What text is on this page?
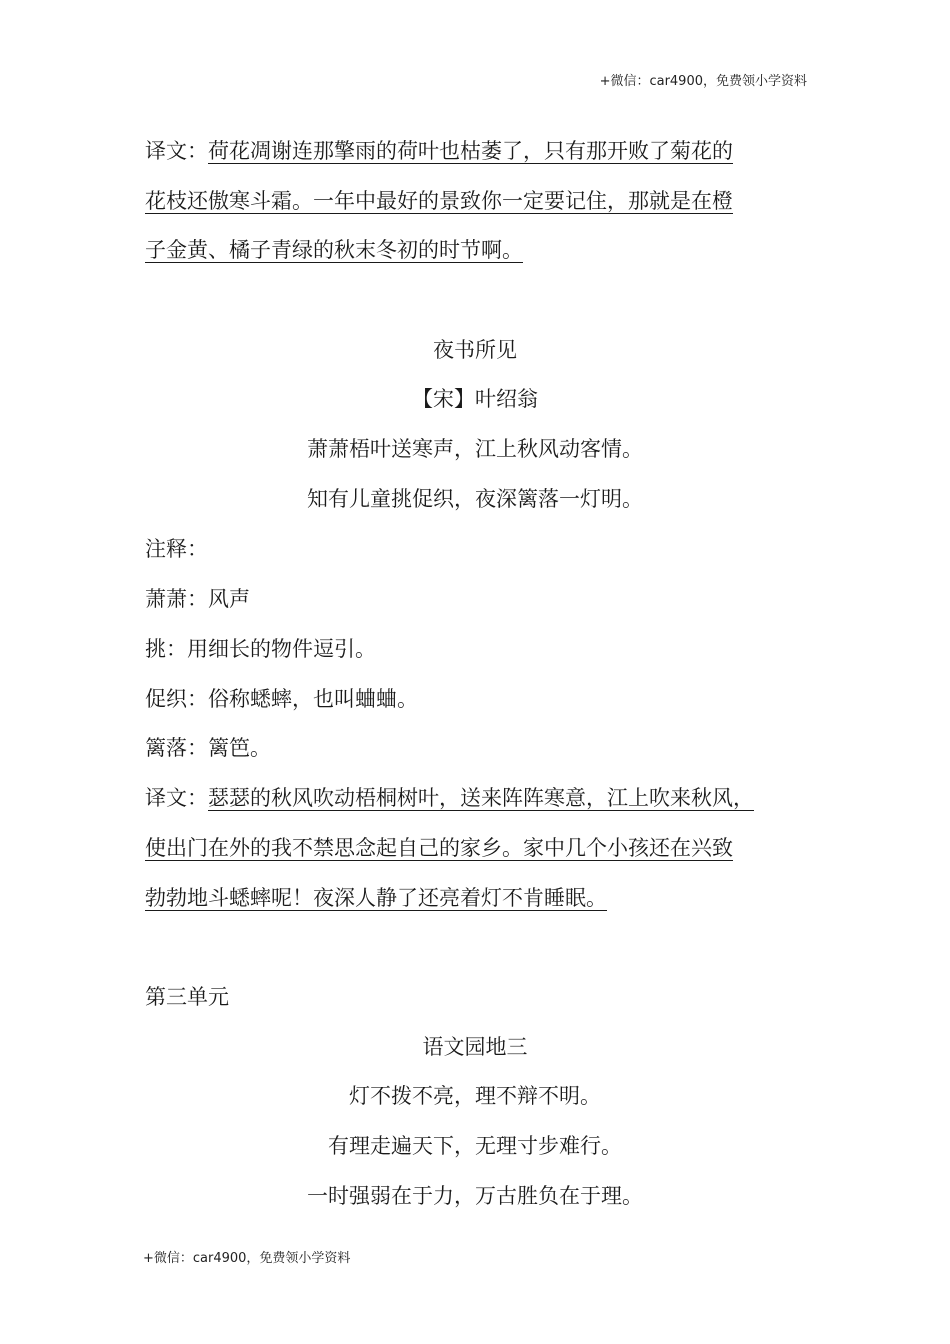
+微信：car4900，免费领小学资料
译文：荷花凋谢连那擎雨的荷叶也枯萎了，只有那开败了菊花的
花枝还傲寒斗霜。一年中最好的景致你一定要记住，那就是在橙
子金黄、橘子青绿的秋末冬初的时节啊。
夜书所见
【宋】叶绍翁
萧萧梧叶送寒声，江上秋风动客情。
知有儿童挑促织，夜深篱落一灯明。
注释：
萧萧：风声
挑：用细长的物件逗引。
促织：俗称蟋蟀，也叫蛐蛐。
篱落：篱笆。
译文：瑟瑟的秋风吹动梧桐树叶，送来阵阵寒意，江上吹来秋风，
使出门在外的我不禁思念起自己的家乡。家中几个小孩还在兴致
勃勃地斗蟋蟀呢！夜深人静了还亮着灯不肯睡眠。
第三单元
语文园地三
灯不拨不亮，理不辩不明。
有理走遍天下，无理寸步难行。
一时强弱在于力，万古胜负在于理。
+微信：car4900，免费领小学资料
